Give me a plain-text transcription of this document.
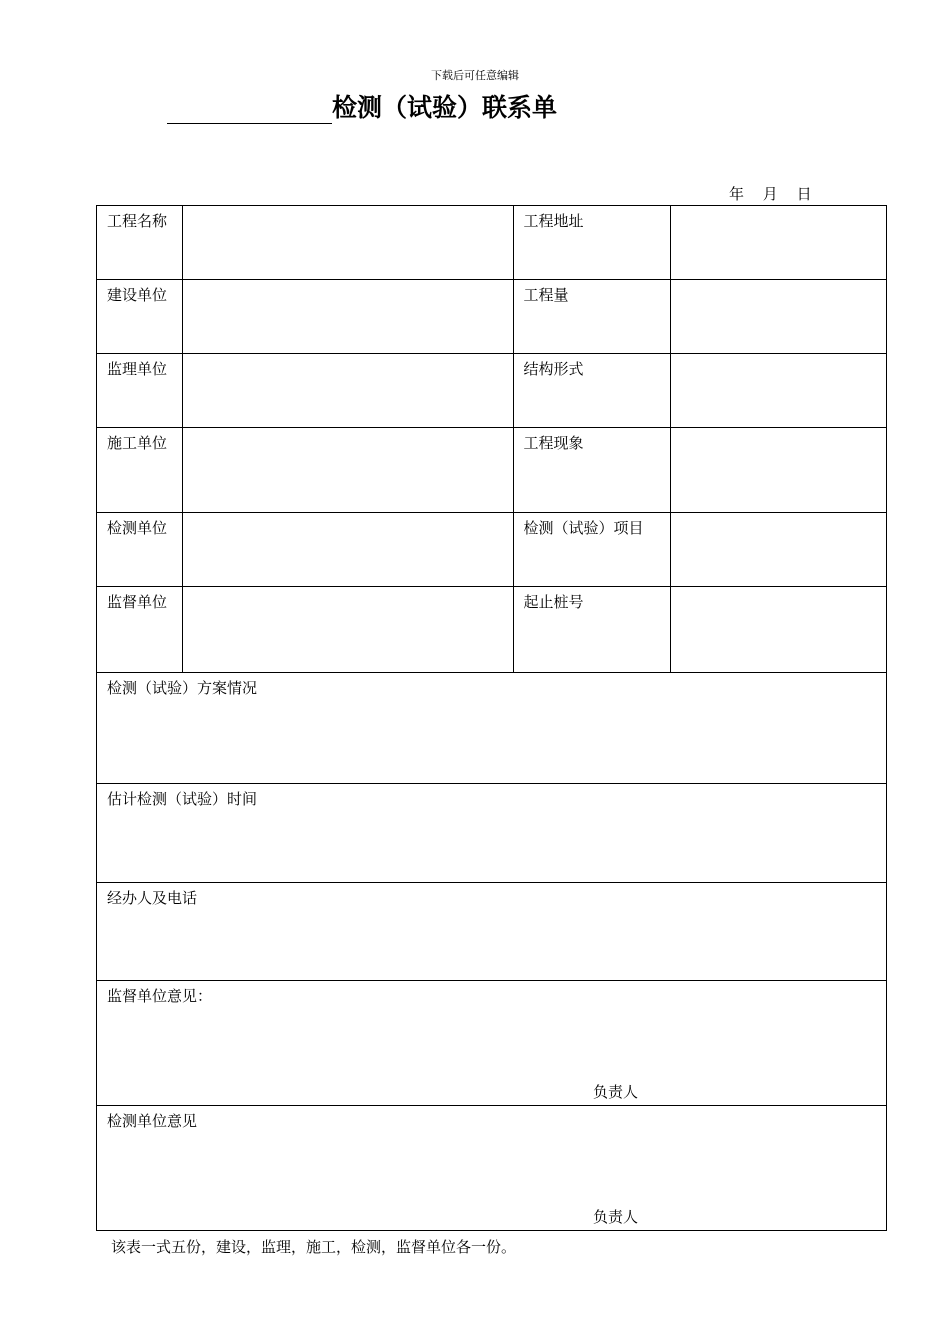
下载后可任意编辑
检测（试验）联系单
年 月 日
工程名称		工程地址	
建设单位		工程量	
监理单位		结构形式	
施工单位		工程现象	
检测单位		检测（试验）项目	
监督单位		起止桩号	
检测（试验）方案情况			
估计检测（试验）时间			
经办人及电话			
监督单位意见：
负责人			

检测单位意见
负责人			
该表一式五份，建设，监理，施工，检测，监督单位各一份。
